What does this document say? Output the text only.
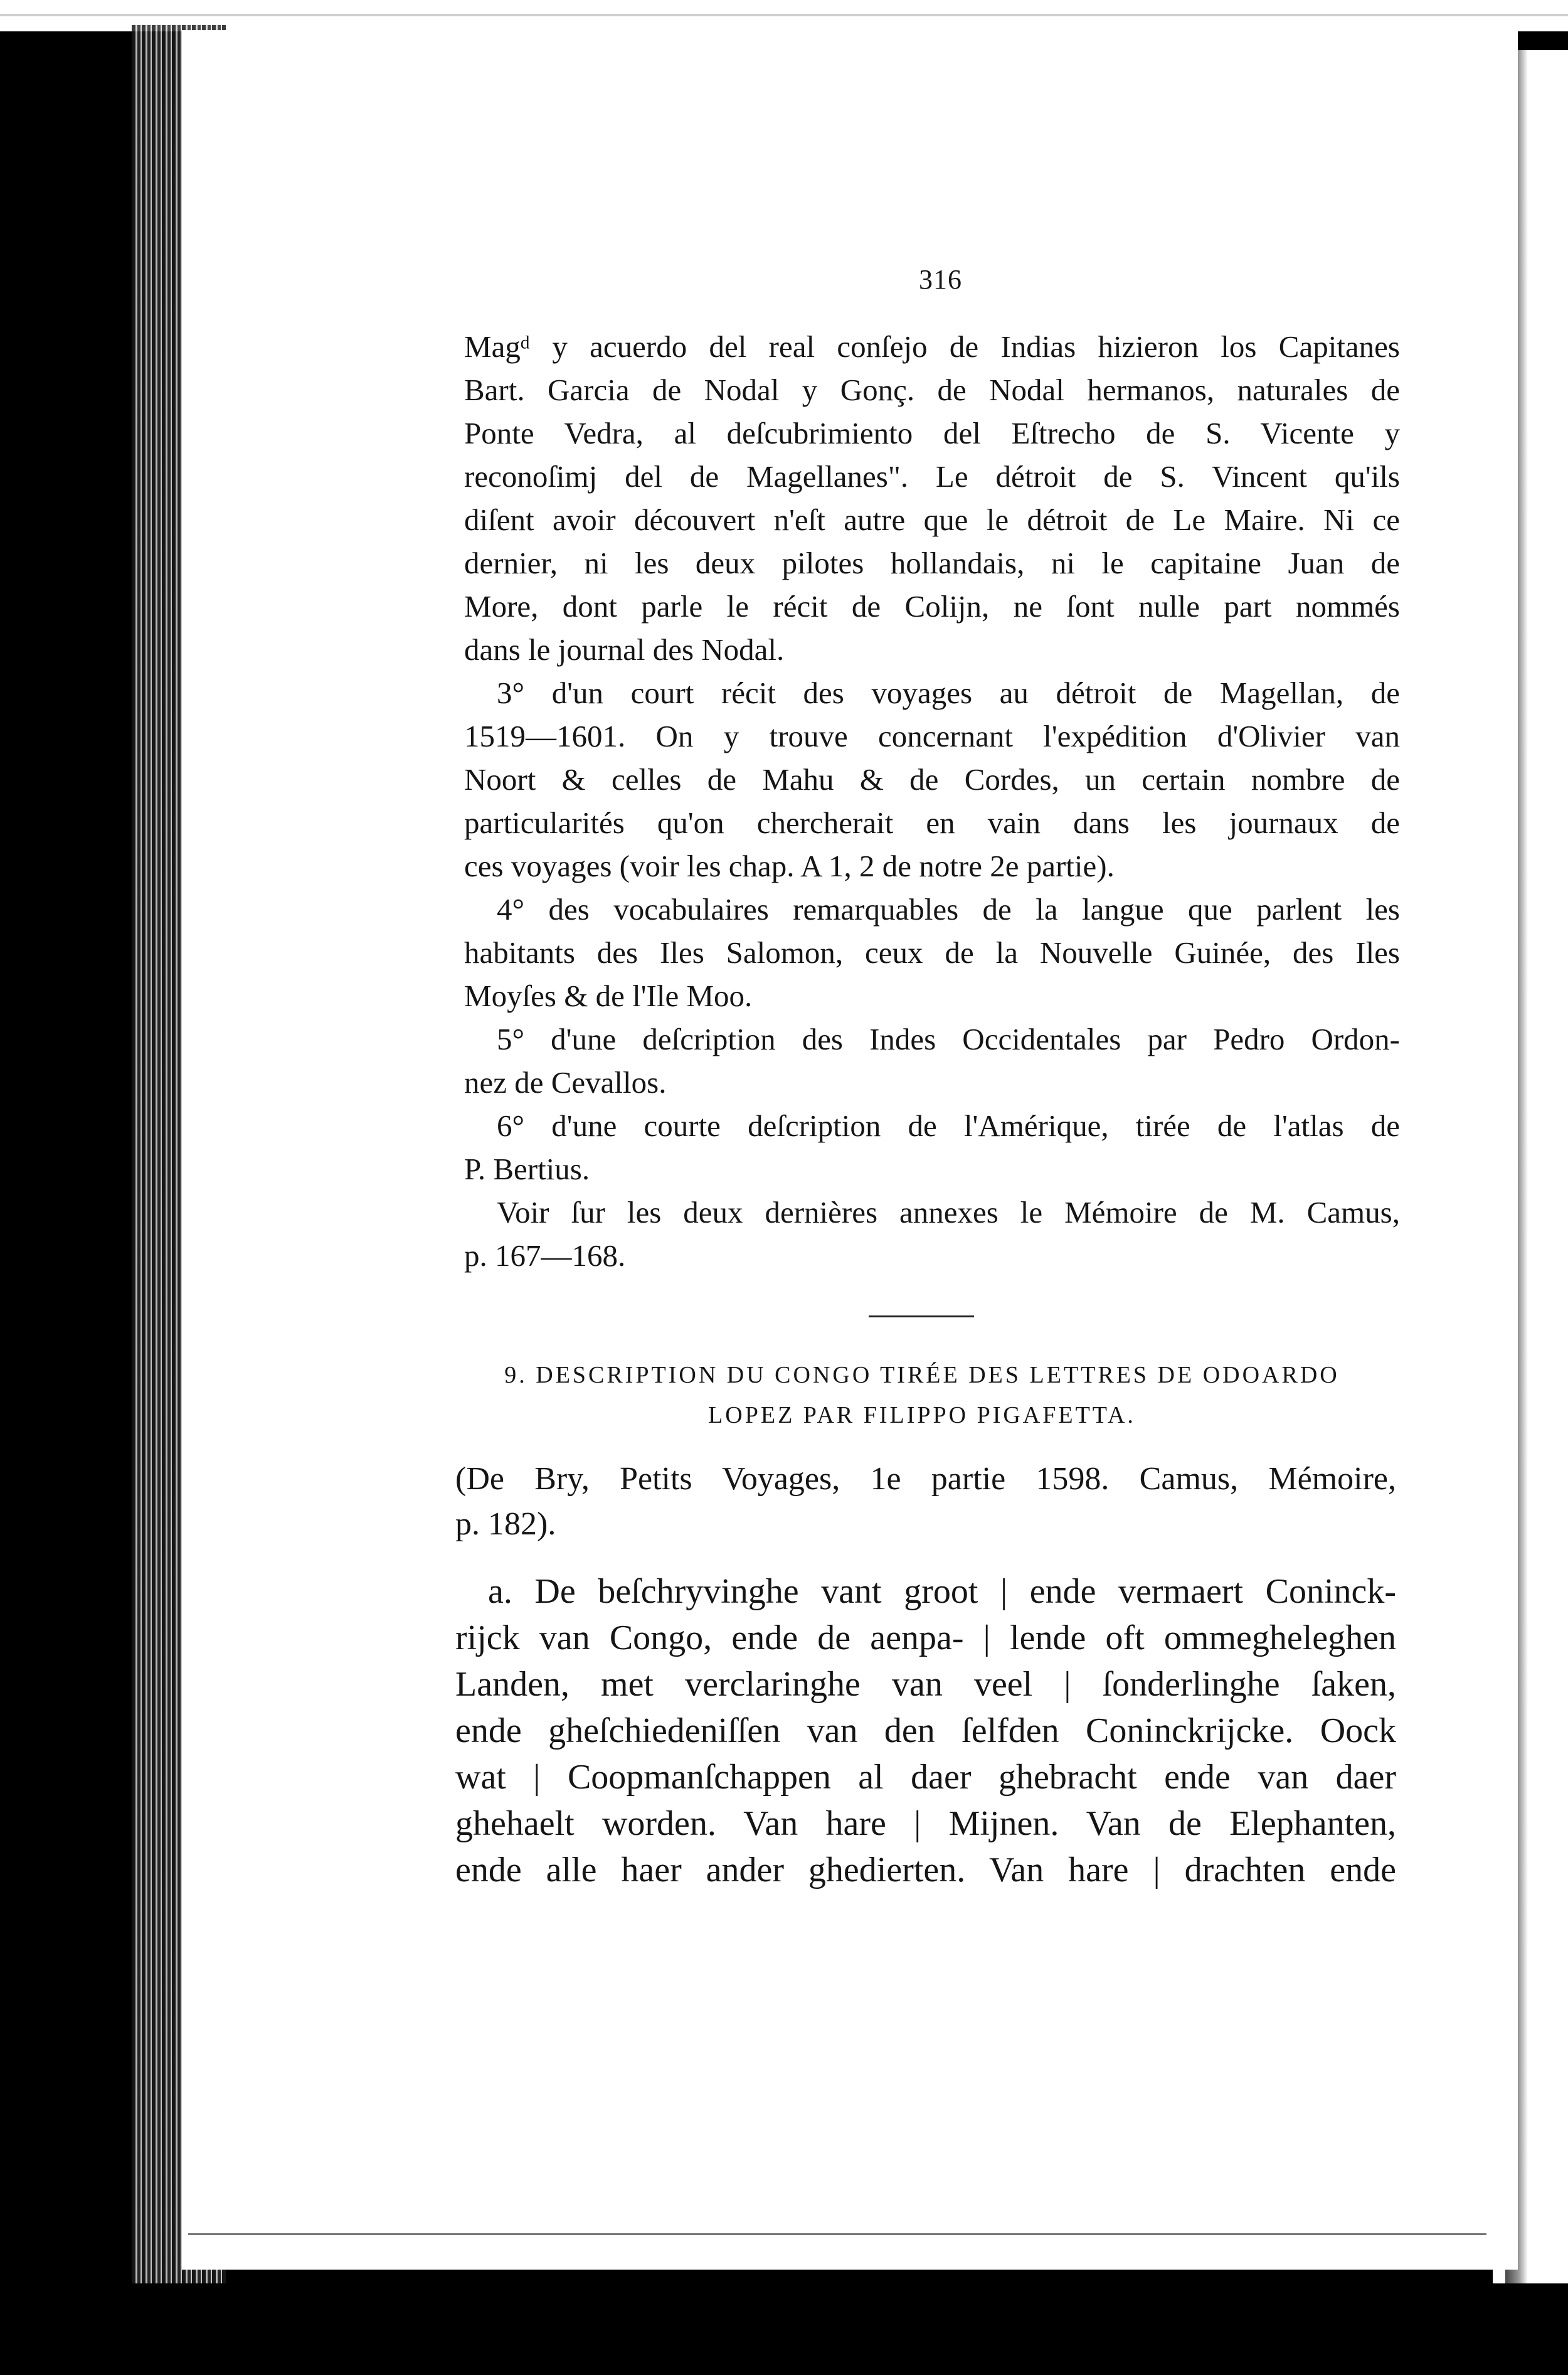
316
Magᵈ y acuerdo del real conſejo de Indias hizieron los Capitanes
Bart. Garcia de Nodal y Gonç. de Nodal hermanos, naturales de
Ponte Vedra, al deſcubrimiento del Eſtrecho de S. Vicente y
reconoſimj del de Magellanes". Le détroit de S. Vincent qu'ils
diſent avoir découvert n'eſt autre que le détroit de Le Maire. Ni ce
dernier, ni les deux pilotes hollandais, ni le capitaine Juan de
More, dont parle le récit de Colijn, ne ſont nulle part nommés
dans le journal des Nodal.
3° d'un court récit des voyages au détroit de Magellan, de
1519—1601. On y trouve concernant l'expédition d'Olivier van
Noort & celles de Mahu & de Cordes, un certain nombre de
particularités qu'on chercherait en vain dans les journaux de
ces voyages (voir les chap. A 1, 2 de notre 2e partie).
4° des vocabulaires remarquables de la langue que parlent les
habitants des Iles Salomon, ceux de la Nouvelle Guinée, des Iles
Moyſes & de l'Ile Moo.
5° d'une deſcription des Indes Occidentales par Pedro Ordon-
nez de Cevallos.
6° d'une courte deſcription de l'Amérique, tirée de l'atlas de
P. Bertius.
Voir ſur les deux dernières annexes le Mémoire de M. Camus,
p. 167—168.
9. DESCRIPTION DU CONGO TIRÉE DES LETTRES DE ODOARDO
LOPEZ PAR FILIPPO PIGAFETTA.
(De Bry, Petits Voyages, 1e partie 1598. Camus, Mémoire,
p. 182).
a. De beſchryvinghe vant groot | ende vermaert Coninck-
rijck van Congo, ende de aenpa- | lende oft ommegheleghen
Landen, met verclaringhe van veel | ſonderlinghe ſaken,
ende gheſchiedeniſſen van den ſelfden Coninckrijcke. Oock
wat | Coopmanſchappen al daer ghebracht ende van daer
ghehaelt worden. Van hare | Mijnen. Van de Elephanten,
ende alle haer ander ghedierten. Van hare | drachten ende
